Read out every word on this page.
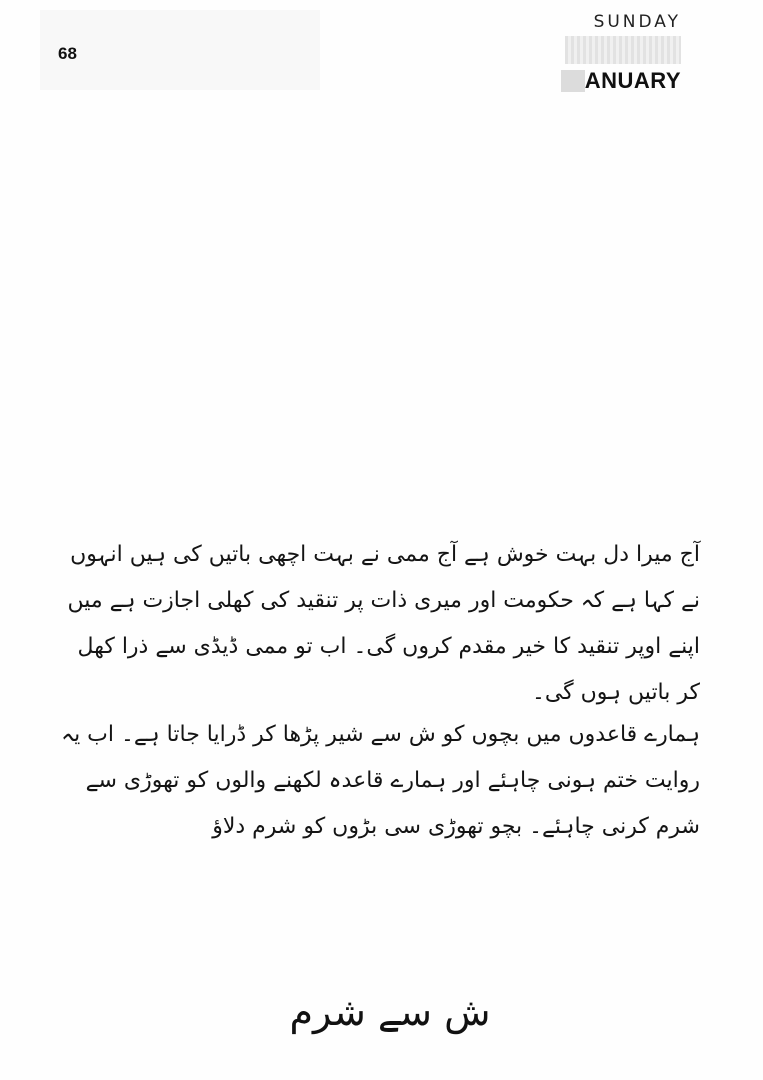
68
SUNDAY
ANUARY

آج میرا دل بہت خوش ہے آج ممی نے بہت اچھی باتیں کی ہیں انہوں نے کہا ہے کہ حکومت اور میری ذات پر تنقید کی کھلی اجازت ہے میں اپنے اوپر تنقید کا خیر مقدم کروں گی۔ اب تو ممی ڈیڈی سے ذرا کھل کر باتیں ہوں گی۔

ہمارے قاعدوں میں بچوں کو ش سے شیر پڑھا کر ڈرایا جاتا ہے۔ اب یہ روایت ختم ہونی چاہئے اور ہمارے قاعدہ لکھنے والوں کو تھوڑی سے شرم کرنی چاہئے۔ بچو تھوڑی سی بڑوں کو شرم دلاؤ

ش سے شرم
